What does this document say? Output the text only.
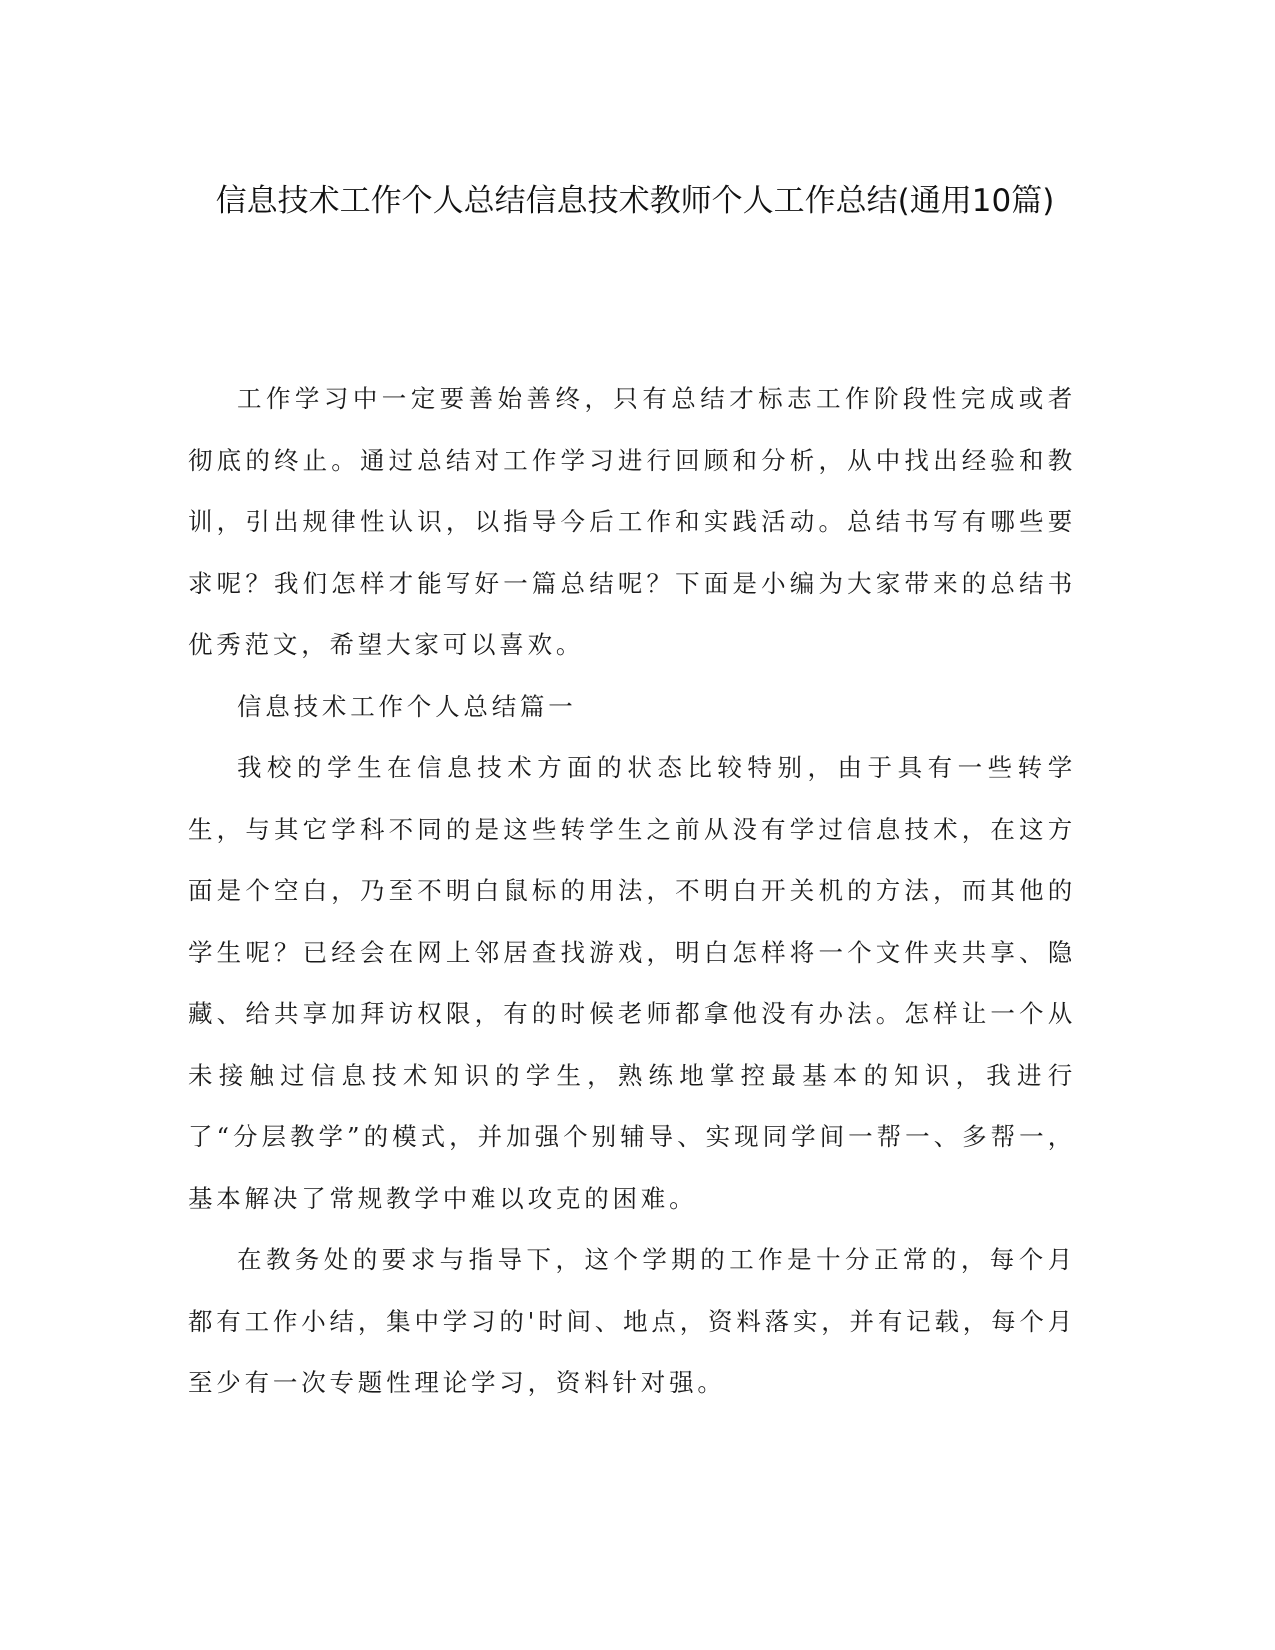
信息技术工作个人总结信息技术教师个人工作总结(通用10篇)

工作学习中一定要善始善终，只有总结才标志工作阶段性完成或者彻底的终止。通过总结对工作学习进行回顾和分析，从中找出经验和教训，引出规律性认识，以指导今后工作和实践活动。总结书写有哪些要求呢？我们怎样才能写好一篇总结呢？下面是小编为大家带来的总结书优秀范文，希望大家可以喜欢。

信息技术工作个人总结篇一

我校的学生在信息技术方面的状态比较特别，由于具有一些转学生，与其它学科不同的是这些转学生之前从没有学过信息技术，在这方面是个空白，乃至不明白鼠标的用法，不明白开关机的方法，而其他的学生呢？已经会在网上邻居查找游戏，明白怎样将一个文件夹共享、隐藏、给共享加拜访权限，有的时候老师都拿他没有办法。怎样让一个从未接触过信息技术知识的学生，熟练地掌控最基本的知识，我进行了“分层教学”的模式，并加强个别辅导、实现同学间一帮一、多帮一，基本解决了常规教学中难以攻克的困难。

在教务处的要求与指导下，这个学期的工作是十分正常的，每个月都有工作小结，集中学习的'时间、地点，资料落实，并有记载，每个月至少有一次专题性理论学习，资料针对强。
